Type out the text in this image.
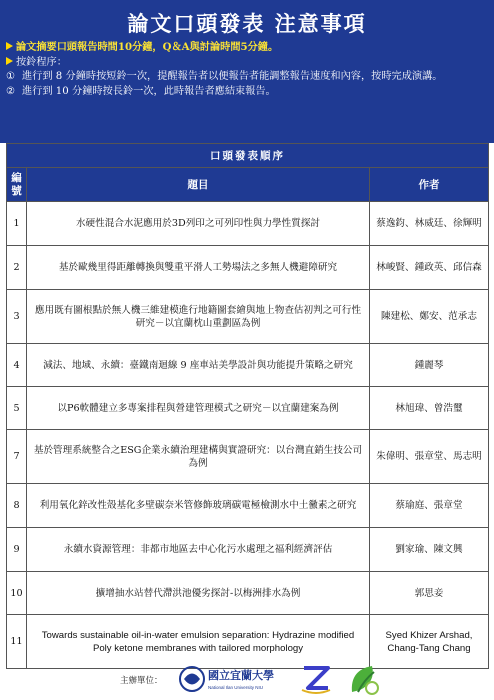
論文口頭發表 注意事項
論文摘要口頭報告時間10分鐘，Q＆A與討論時間5分鐘。
按鈴程序：
① 進行到 8 分鐘時按短鈴一次，提醒報告者以便報告者能調整報告速度和內容，按時完成演講。
② 進行到 10 分鐘時按長鈴一次，此時報告者應結束報告。
口頭發表順序		
編號	題目	作者
1	水硬性混合水泥應用於3D列印之可列印性與力學性質探討	蔡逸鈞、林威廷、徐輝明
2	基於歐幾里得距離轉換與雙重平滑人工勢場法之多無人機避障研究	林峻賢、鍾政英、邱信森
3	應用既有圖根點於無人機三維建模進行地籍圖套繪與地上物查估初判之可行性研究－以宜蘭枕山重劃區為例	陳建松、鄭安、范承志
4	減法、地域、永續：臺鐵南迴線 9 座車站美學設計與功能提升策略之研究	鍾麗琴
5	以P6軟體建立多專案排程與營建管理模式之研究－以宜蘭建案為例	林旭瑋、曾浩璽
7	基於管理系統整合之ESG企業永續治理建構與實證研究：以台灣直銷生技公司為例	朱偉明、張章堂、馬志明
8	利用氧化鋅改性殼基化多壁碳奈米管修飾玻璃碳電極檢測水中土黴素之研究	蔡瑜庭、張章堂
9	永續水資源管理：非都市地區去中心化污水處理之福利經濟評估	劉家瑜、陳文興
10	擴增抽水站替代滯洪池優劣探討-以梅洲排水為例	郭思妾
11	Towards sustainable oil-in-water emulsion separation: Hydrazine modified Poly ketone membranes with tailored morphology	Syed Khizer Arshad, Chang-Tang Chang
主辦單位：	國立宜蘭大學
National Ilan University NIU
